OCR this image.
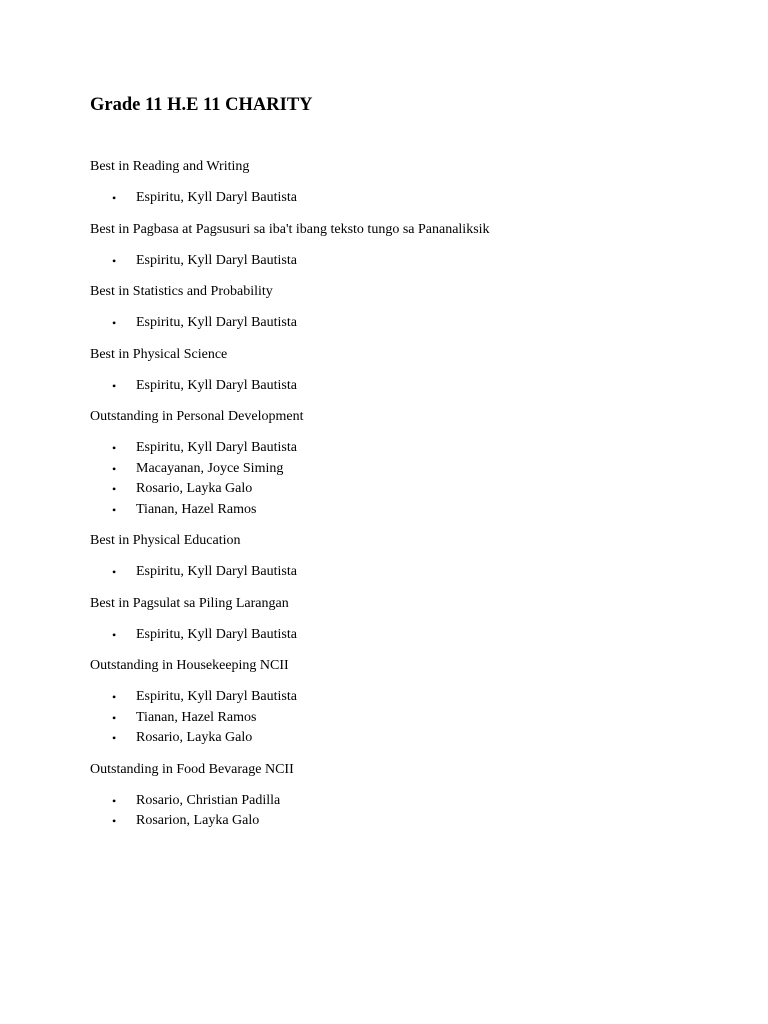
Grade 11 H.E 11 CHARITY

Best in Reading and Writing

• Espiritu, Kyll Daryl Bautista

Best in Pagbasa at Pagsusuri sa iba't ibang teksto tungo sa Pananaliksik

• Espiritu, Kyll Daryl Bautista

Best in Statistics and Probability

• Espiritu, Kyll Daryl Bautista

Best in Physical Science

• Espiritu, Kyll Daryl Bautista

Outstanding in Personal Development

• Espiritu, Kyll Daryl Bautista
• Macayanan, Joyce Siming
• Rosario, Layka Galo
• Tianan, Hazel Ramos

Best in Physical Education

• Espiritu, Kyll Daryl Bautista

Best in Pagsulat sa Piling Larangan

• Espiritu, Kyll Daryl Bautista

Outstanding in Housekeeping NCII

• Espiritu, Kyll Daryl Bautista
• Tianan, Hazel Ramos
• Rosario, Layka Galo

Outstanding in Food Bevarage NCII

• Rosario, Christian Padilla
• Rosarion, Layka Galo
